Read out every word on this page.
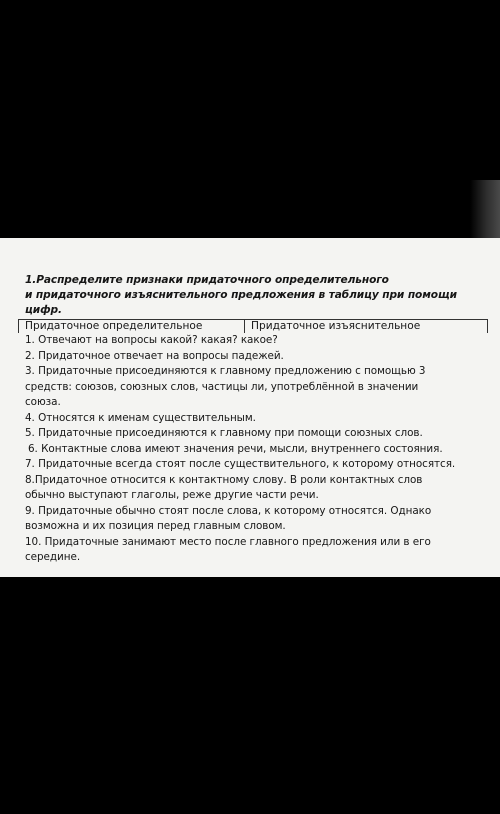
1.Распределите признаки придаточного определительного
и придаточного изъяснительного предложения в таблицу при помощи
цифр.

Придаточное определительное	Придаточное изъяснительное
1. Отвечают на вопросы какой? какая? какое?
2. Придаточное отвечает на вопросы падежей.
3. Придаточные присоединяются к главному предложению с помощью 3
средств: союзов, союзных слов, частицы ли, употреблённой в значении
союза.
4. Относятся к именам существительным.
5. Придаточные присоединяются к главному при помощи союзных слов.
6. Контактные слова имеют значения речи, мысли, внутреннего состояния.
7. Придаточные всегда стоят после существительного, к которому относятся.
8.Придаточное относится к контактному слову. В роли контактных слов
обычно выступают глаголы, реже другие части речи.
9. Придаточные обычно стоят после слова, к которому относятся. Однако
возможна и их позиция перед главным словом.
10. Придаточные занимают место после главного предложения или в его
середине.
